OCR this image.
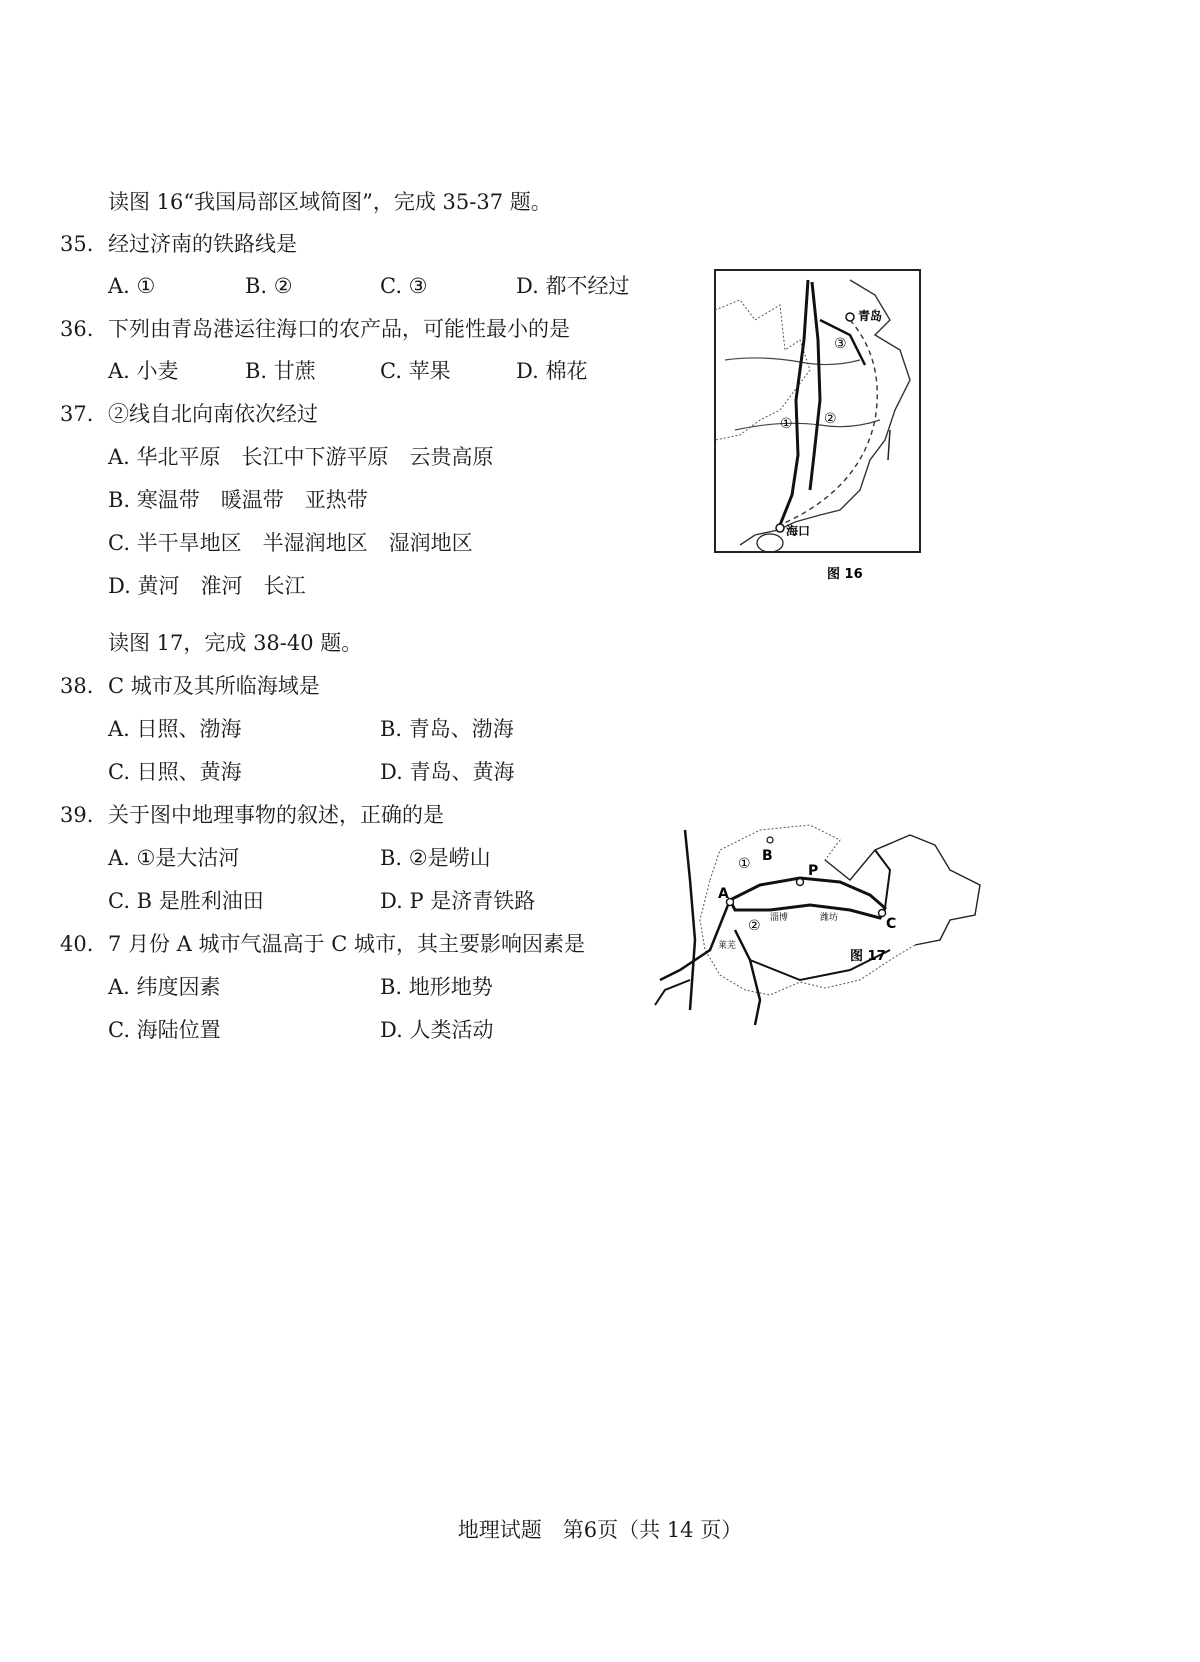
读图 16“我国局部区域简图”，完成 35-37 题。
35. 经过济南的铁路线是
A. ①	B. ②	C. ③	D. 都不经过
36. 下列由青岛港运往海口的农产品，可能性最小的是
A. 小麦	B. 甘蔗	C. 苹果	D. 棉花
37. ②线自北向南依次经过
A. 华北平原　长江中下游平原　云贵高原
B. 寒温带　暖温带　亚热带
C. 半干旱地区　半湿润地区　湿润地区
D. 黄河　淮河　长江
读图 17，完成 38-40 题。
38. C 城市及其所临海域是
A. 日照、渤海	B. 青岛、渤海
C. 日照、黄海	D. 青岛、黄海
39. 关于图中地理事物的叙述，正确的是
A. ①是大沽河	B. ②是崂山
C. B 是胜利油田	D. P 是济青铁路
40. 7 月份 A 城市气温高于 C 城市，其主要影响因素是
A. 纬度因素	B. 地形地势
C. 海陆位置	D. 人类活动
青岛
海口
① ②
③
图 16
A
B
C
P
①
② 淄博	潍坊
莱芜
图 17
地理试题　第6页（共 14 页）
